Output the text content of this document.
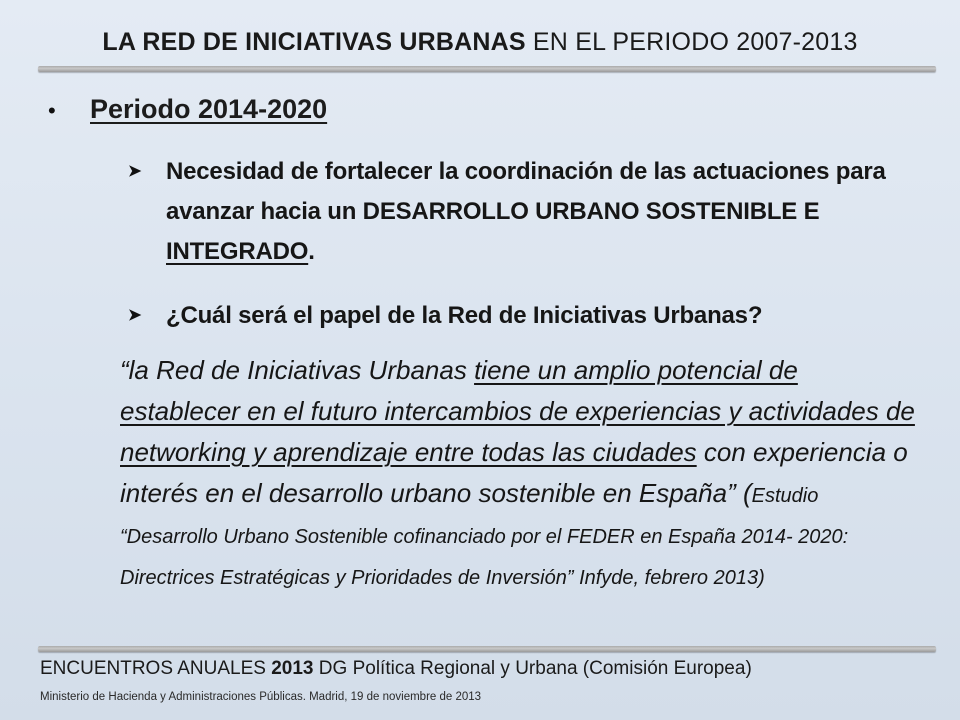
LA RED DE INICIATIVAS URBANAS EN EL PERIODO 2007-2013
•	Periodo 2014-2020
➤ Necesidad de fortalecer la coordinación de las actuaciones para avanzar hacia un DESARROLLO URBANO SOSTENIBLE E INTEGRADO.
➤ ¿Cuál será el papel de la Red de Iniciativas Urbanas?
“la Red de Iniciativas Urbanas tiene un amplio potencial de establecer en el futuro intercambios de experiencias y actividades de networking y aprendizaje entre todas las ciudades con experiencia o interés en el desarrollo urbano sostenible en España” (Estudio “Desarrollo Urbano Sostenible cofinanciado por el FEDER en España 2014- 2020: Directrices Estratégicas y Prioridades de Inversión” Infyde, febrero 2013)
ENCUENTROS ANUALES 2013 DG Política Regional y Urbana (Comisión Europea)
Ministerio de Hacienda y Administraciones Públicas. Madrid, 19 de noviembre de 2013
